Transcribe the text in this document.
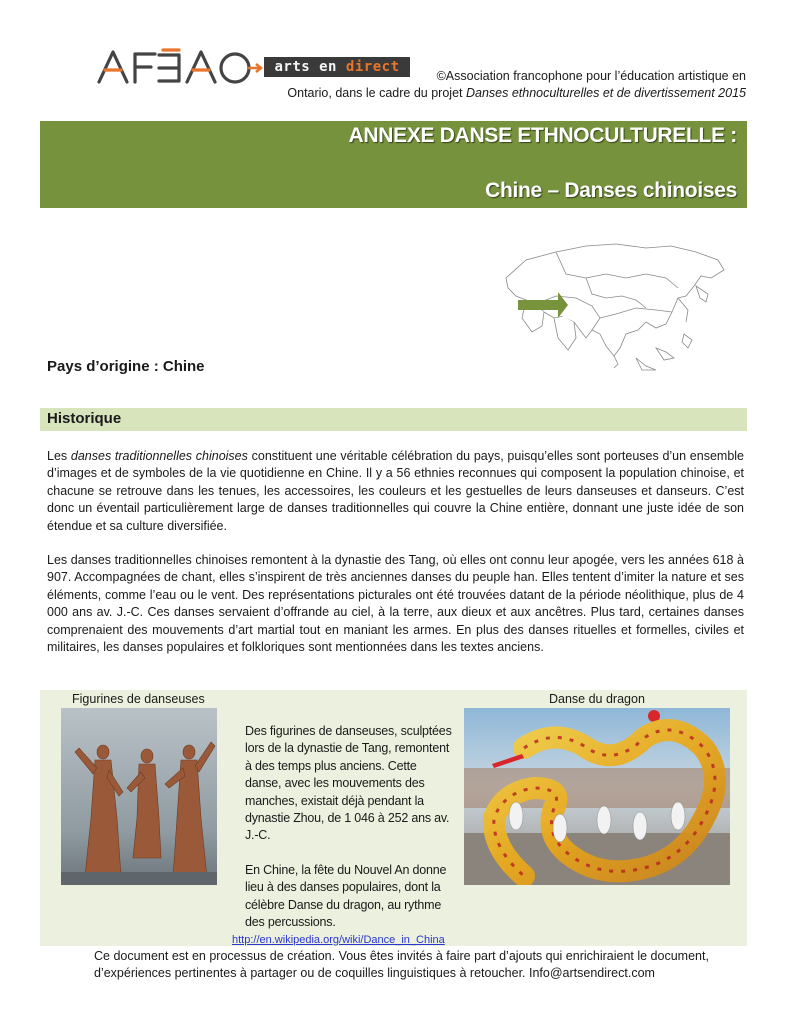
arts en direct

©Association francophone pour l’éducation artistique en

Ontario, dans le cadre du projet Danses ethnoculturelles et de divertissement 2015

ANNEXE DANSE ETHNOCULTURELLE :
Chine – Danses chinoises
Pays d’origine : Chine
Historique

Les danses traditionnelles chinoises constituent une véritable célébration du pays, puisqu’elles sont porteuses d’un ensemble d’images et de symboles de la vie quotidienne en Chine. Il y a 56 ethnies reconnues qui composent la population chinoise, et chacune se retrouve dans les tenues, les accessoires, les couleurs et les gestuelles de leurs danseuses et danseurs. C’est donc un éventail particulièrement large de danses traditionnelles qui couvre la Chine entière, donnant une juste idée de son étendue et sa culture diversifiée.

Les danses traditionnelles chinoises remontent à la dynastie des Tang, où elles ont connu leur apogée, vers les années 618 à 907. Accompagnées de chant, elles s’inspirent de très anciennes danses du peuple han. Elles tentent d’imiter la nature et ses éléments, comme l’eau ou le vent. Des représentations picturales ont été trouvées datant de la période néolithique, plus de 4 000 ans av. J.-C. Ces danses servaient d’offrande au ciel, à la terre, aux dieux et aux ancêtres. Plus tard, certaines danses comprenaient des mouvements d’art martial tout en maniant les armes. En plus des danses rituelles et formelles, civiles et militaires, les danses populaires et folkloriques sont mentionnées dans les textes anciens.

Figurines de danseuses	Danse du dragon

Des figurines de danseuses, sculptées lors de la dynastie de Tang, remontent à des temps plus anciens. Cette danse, avec les mouvements des manches, existait déjà pendant la dynastie Zhou, de 1 046 à 252 ans av. J.-C.

En Chine, la fête du Nouvel An donne lieu à des danses populaires, dont la célèbre Danse du dragon, au rythme des percussions.

http://en.wikipedia.org/wiki/Dance_in_China

Ce document est en processus de création. Vous êtes invités à faire part d’ajouts qui enrichiraient le document,

d’expériences pertinentes à partager ou de coquilles linguistiques à retoucher. Info@artsendirect.com
